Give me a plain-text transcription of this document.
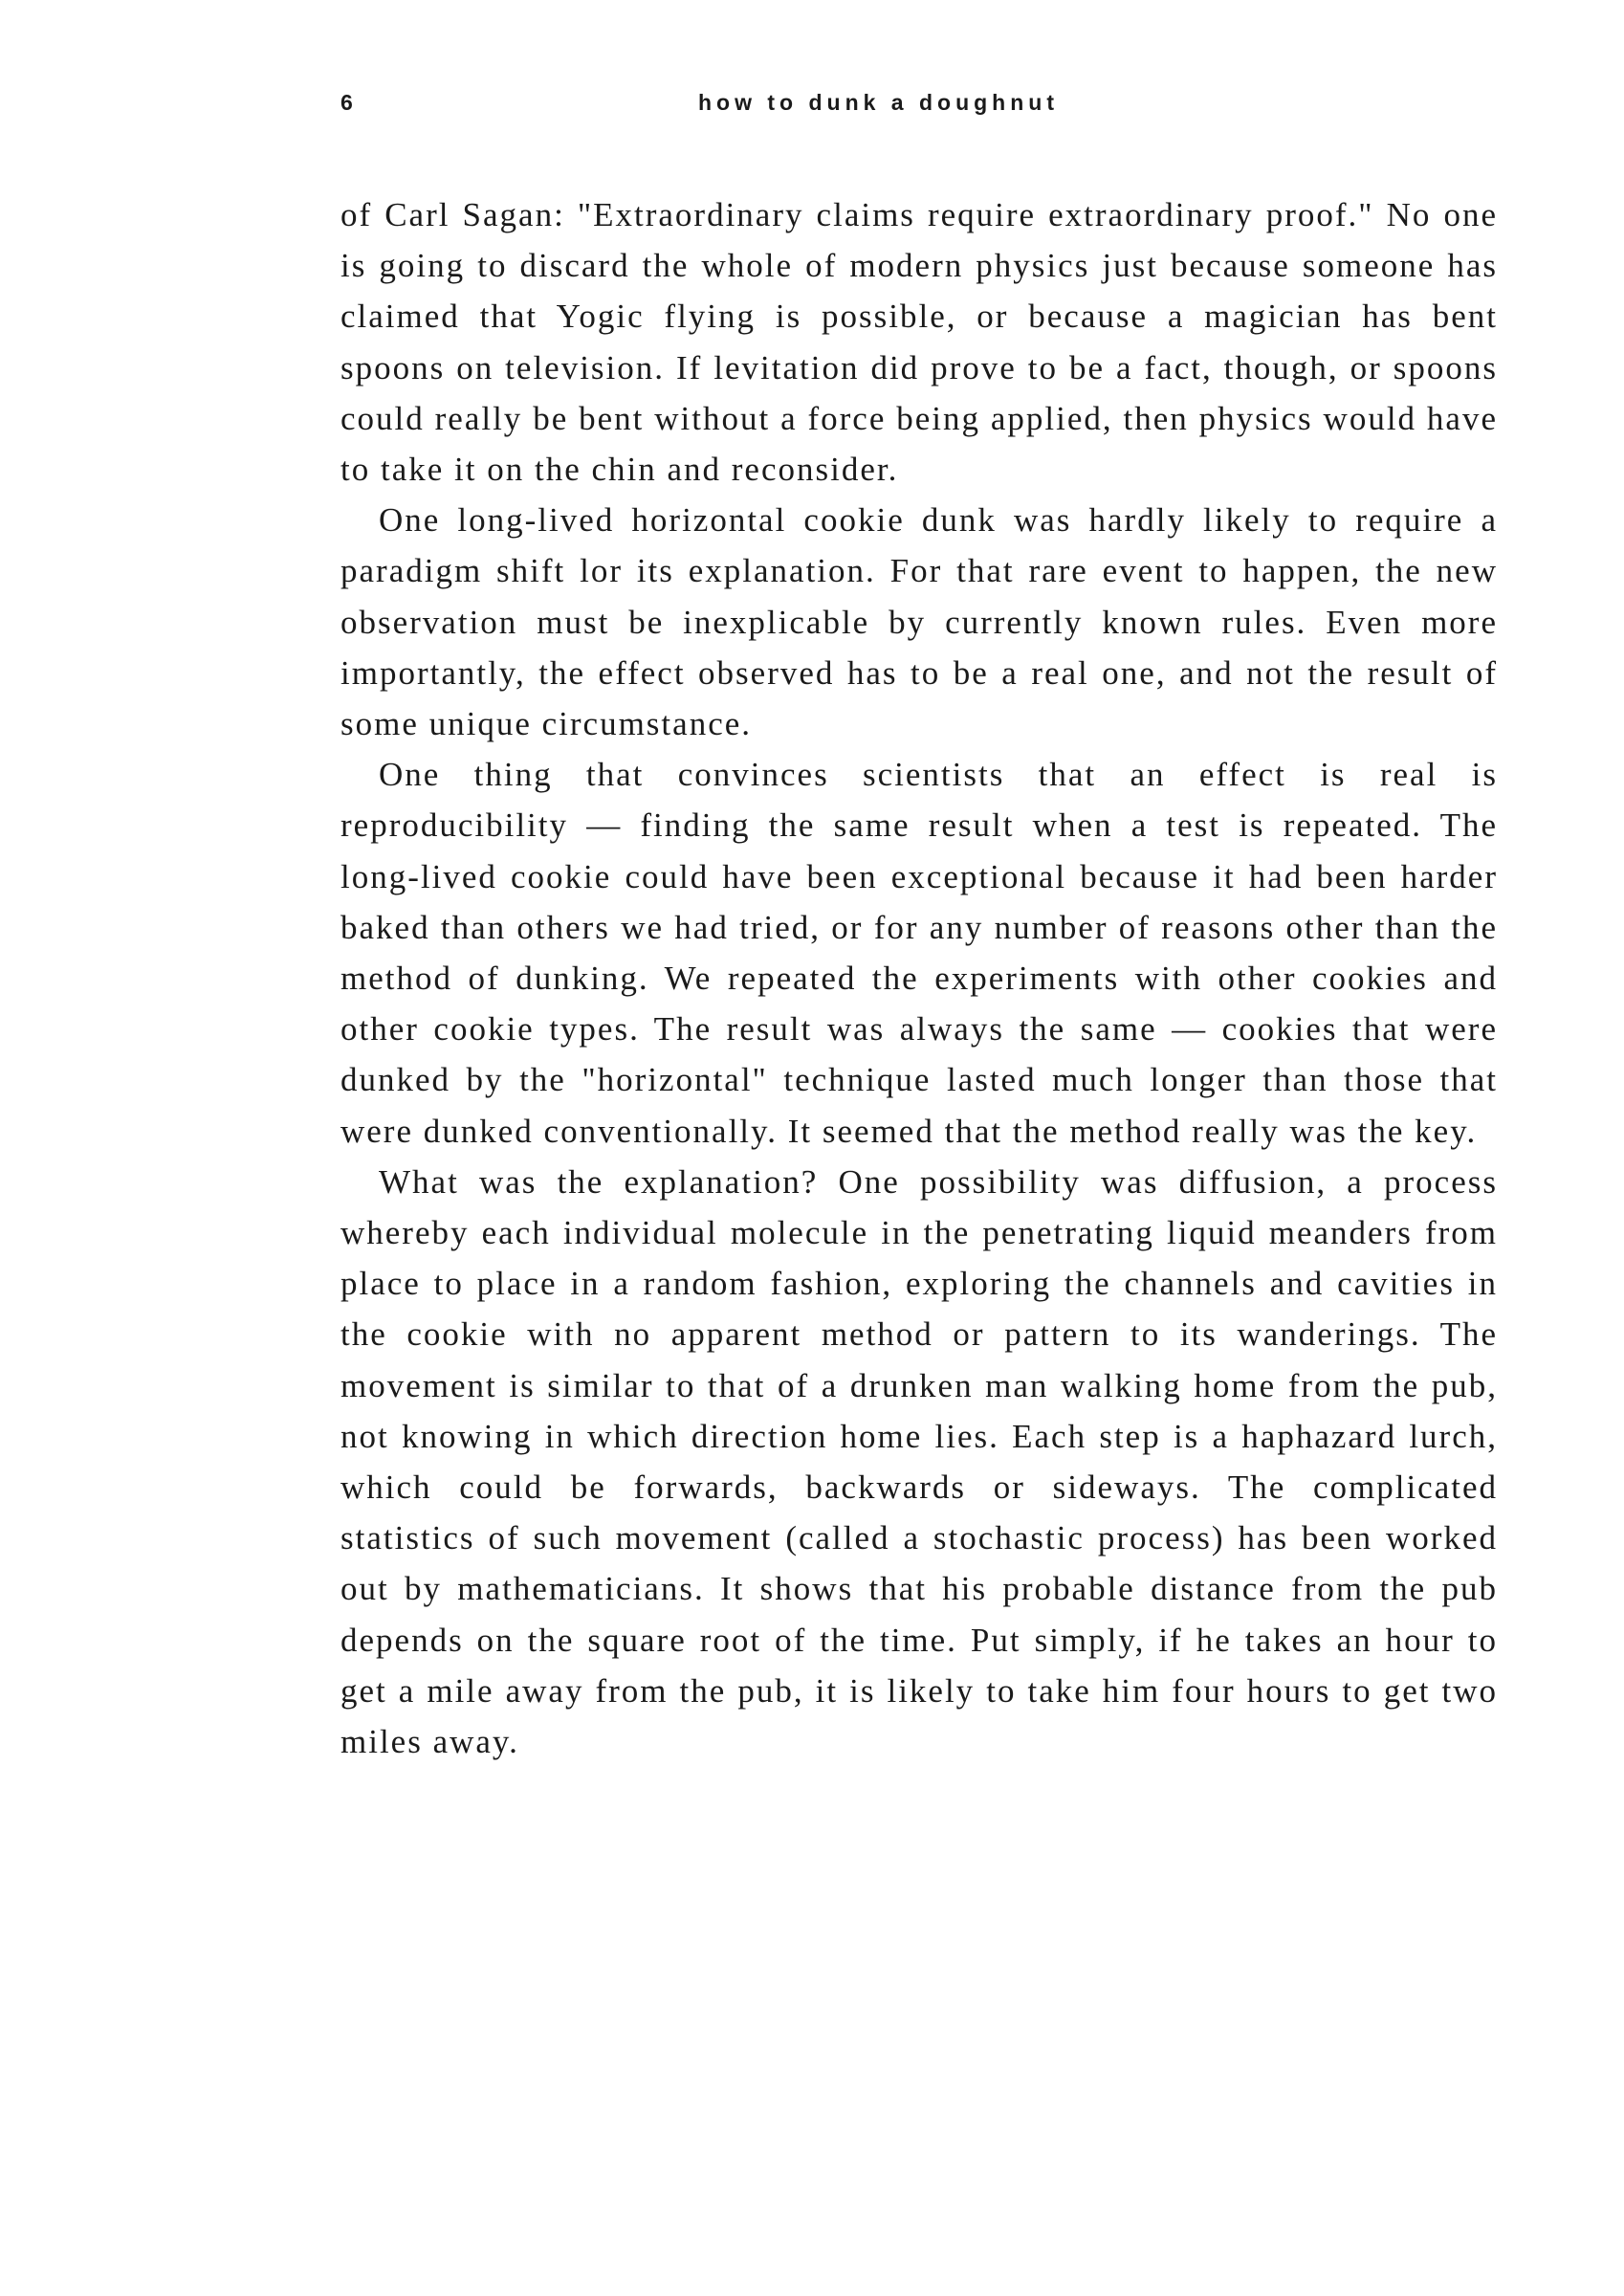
6	how to dunk a doughnut

of Carl Sagan: "Extraordinary claims require extraordinary proof." No one is going to discard the whole of modern physics just because someone has claimed that Yogic flying is possible, or because a magician has bent spoons on television. If levitation did prove to be a fact, though, or spoons could really be bent without a force being applied, then physics would have to take it on the chin and reconsider.

One long-lived horizontal cookie dunk was hardly likely to require a paradigm shift lor its explanation. For that rare event to happen, the new observation must be inexplicable by currently known rules. Even more importantly, the effect observed has to be a real one, and not the result of some unique circumstance.

One thing that convinces scientists that an effect is real is reproducibility — finding the same result when a test is repeated. The long-lived cookie could have been exceptional because it had been harder baked than others we had tried, or for any number of reasons other than the method of dunking. We repeated the experiments with other cookies and other cookie types. The result was always the same — cookies that were dunked by the "horizontal" technique lasted much longer than those that were dunked conventionally. It seemed that the method really was the key.

What was the explanation? One possibility was diffusion, a process whereby each individual molecule in the penetrating liquid meanders from place to place in a random fashion, exploring the channels and cavities in the cookie with no apparent method or pattern to its wanderings. The movement is similar to that of a drunken man walking home from the pub, not knowing in which direction home lies. Each step is a haphazard lurch, which could be forwards, backwards or sideways. The complicated statistics of such movement (called a stochastic process) has been worked out by mathematicians. It shows that his probable distance from the pub depends on the square root of the time. Put simply, if he takes an hour to get a mile away from the pub, it is likely to take him four hours to get two miles away.
